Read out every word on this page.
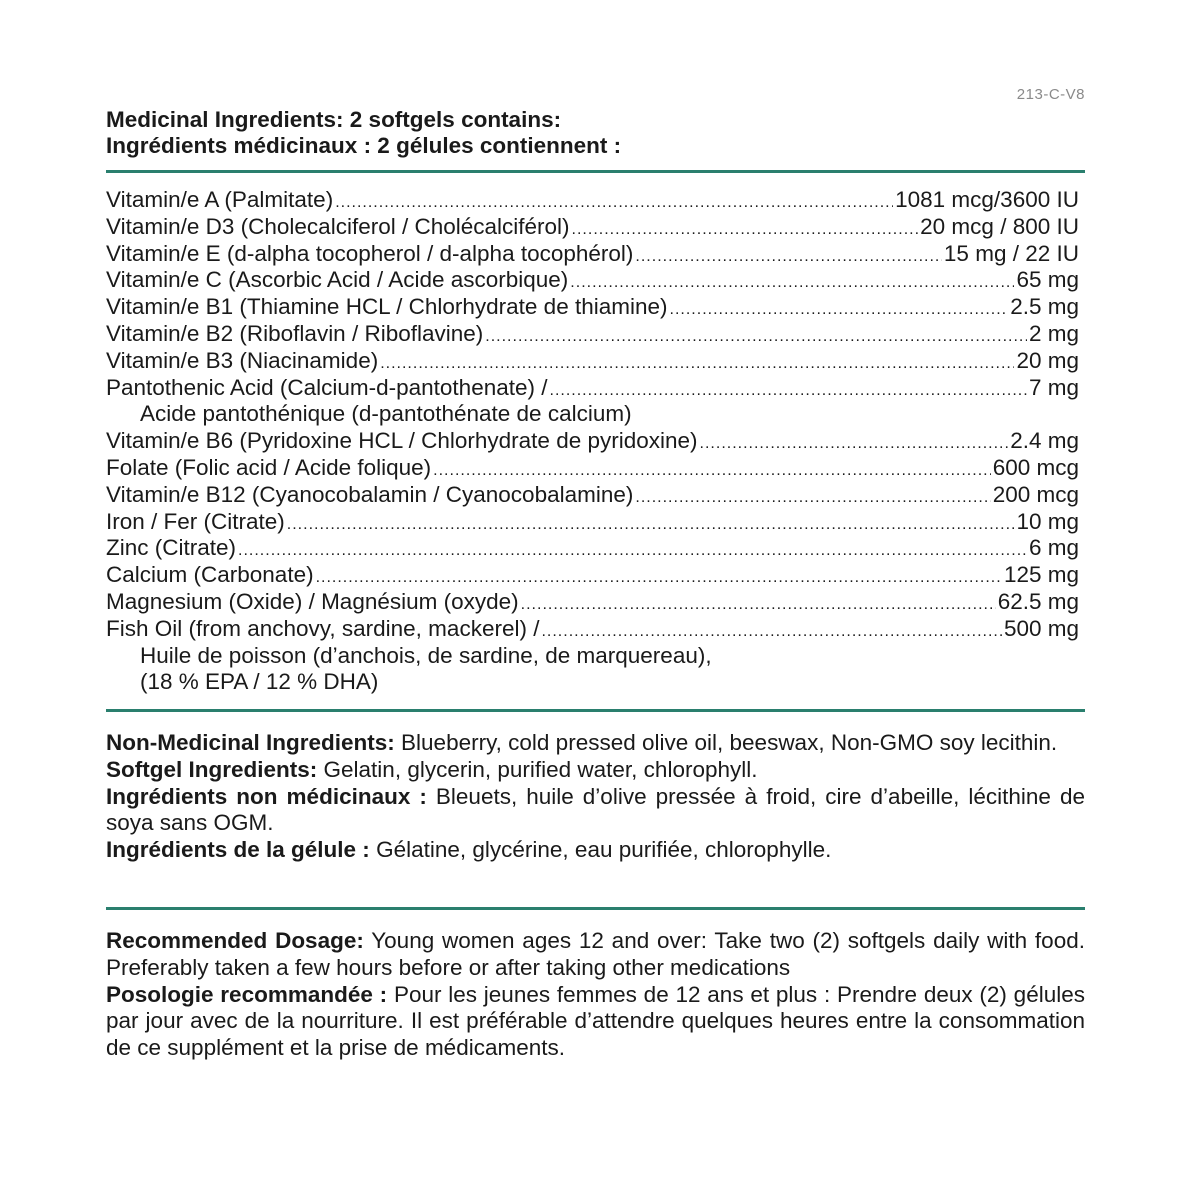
213-C-V8
Medicinal Ingredients: 2 softgels contains:
Ingrédients médicinaux : 2 gélules contiennent :
Vitamin/e A (Palmitate) .....	1081 mcg/3600 IU
Vitamin/e D3 (Cholecalciferol / Cholécalciférol) .....	20 mcg / 800 IU
Vitamin/e E (d-alpha tocopherol / d-alpha tocophérol) .....	15 mg / 22 IU
Vitamin/e C (Ascorbic Acid / Acide ascorbique) .....	65 mg
Vitamin/e B1 (Thiamine HCL / Chlorhydrate de thiamine) .....	2.5 mg
Vitamin/e B2 (Riboflavin / Riboflavine) .....	2 mg
Vitamin/e B3 (Niacinamide) .....	20 mg
Pantothenic Acid (Calcium-d-pantothenate) / .....	7 mg
Acide pantothénique (d-pantothénate de calcium)
Vitamin/e B6 (Pyridoxine HCL / Chlorhydrate de pyridoxine) .....	2.4 mg
Folate (Folic acid / Acide folique) .....	600 mcg
Vitamin/e B12 (Cyanocobalamin / Cyanocobalamine) .....	200 mcg
Iron / Fer (Citrate) .....	10 mg
Zinc (Citrate) .....	6 mg
Calcium (Carbonate) .....	125 mg
Magnesium (Oxide) / Magnésium (oxyde) .....	62.5 mg
Fish Oil (from anchovy, sardine, mackerel) / .....	500 mg
Huile de poisson (d’anchois, de sardine, de marquereau),
(18 % EPA / 12 % DHA)

Non-Medicinal Ingredients: Blueberry, cold pressed olive oil, beeswax, Non-GMO soy lecithin.

Softgel Ingredients: Gelatin, glycerin, purified water, chlorophyll.

Ingrédients non médicinaux : Bleuets, huile d’olive pressée à froid, cire d’abeille, lécithine de soya sans OGM.

Ingrédients de la gélule : Gélatine, glycérine, eau purifiée, chlorophylle.

Recommended Dosage: Young women ages 12 and over: Take two (2) softgels daily with food. Preferably taken a few hours before or after taking other medications

Posologie recommandée : Pour les jeunes femmes de 12 ans et plus : Prendre deux (2) gélules par jour avec de la nourriture. Il est préférable d’attendre quelques heures entre la consommation de ce supplément et la prise de médicaments.
